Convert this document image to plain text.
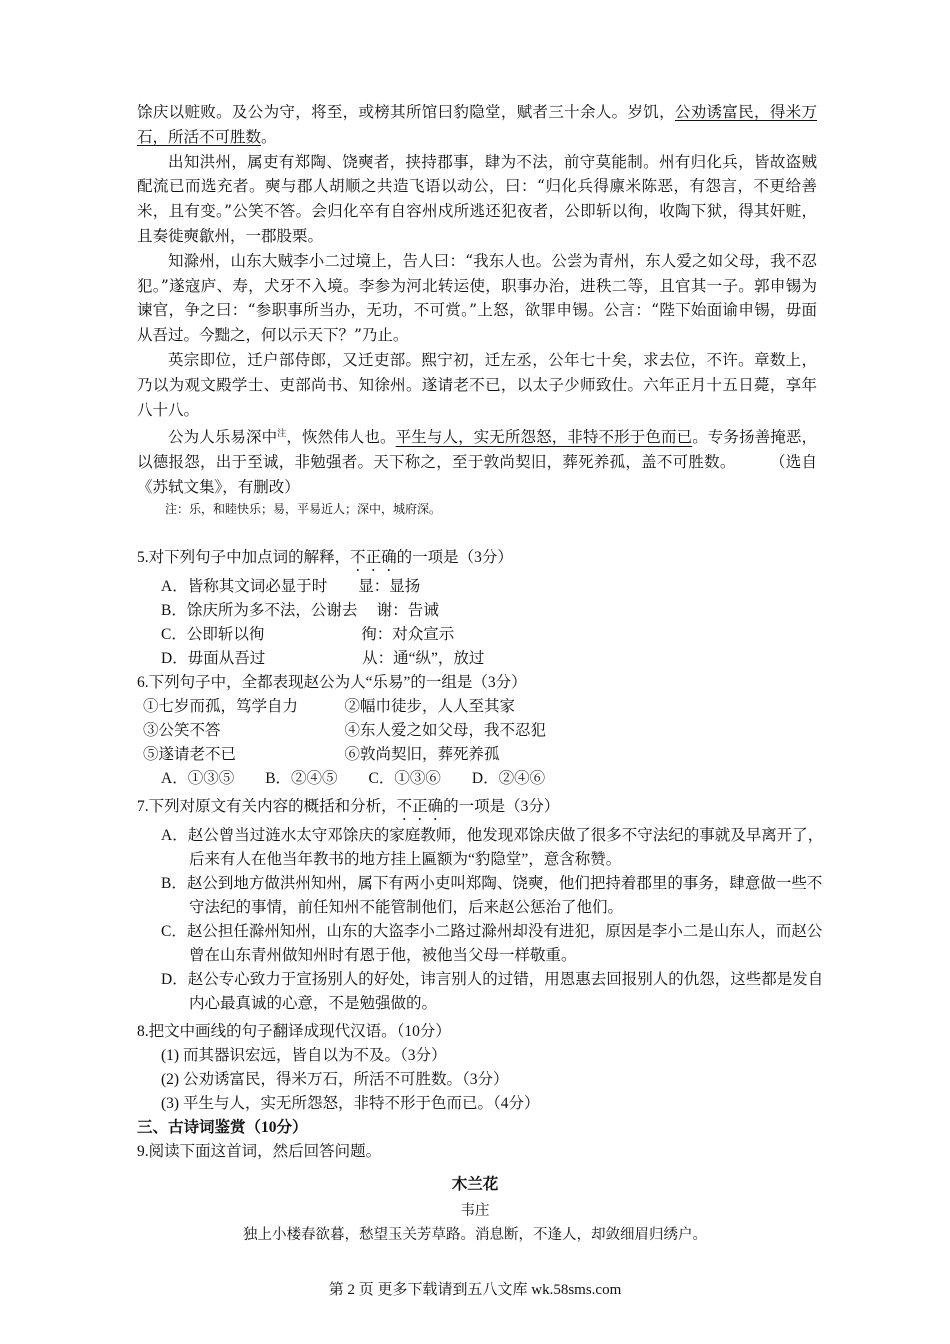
馀庆以赃败。及公为守，将至，或榜其所馆曰豹隐堂，赋者三十余人。岁饥，公劝诱富民，得米万石，所活不可胜数。

出知洪州，属吏有郑陶、饶奭者，挟持郡事，肆为不法，前守莫能制。州有归化兵，皆故盗贼配流已而选充者。奭与郡人胡顺之共造飞语以动公，曰：“归化兵得廪米陈恶，有怨言，不更给善米，且有变。”公笑不答。会归化卒有自容州戍所逃还犯夜者，公即斩以徇，收陶下狱，得其奸赃，且奏徙奭歙州，一郡股栗。

知滁州，山东大贼李小二过境上，告人曰：“我东人也。公尝为青州，东人爱之如父母，我不忍犯。”遂寇庐、寿，犬牙不入境。李参为河北转运使，职事办治，进秩二等，且官其一子。郭申锡为谏官，争之曰：“参职事所当办，无功，不可赏。”上怒，欲罪申锡。公言：“陛下始面谕申锡，毋面从吾过。今黜之，何以示天下？”乃止。

英宗即位，迁户部侍郎，又迁吏部。熙宁初，迁左丞，公年七十矣，求去位，不许。章数上，乃以为观文殿学士、吏部尚书、知徐州。遂请老不已，以太子少师致仕。六年正月十五日薨，享年八十八。

公为人乐易深中$^注$，恢然伟人也。平生与人，实无所怨怒，非特不形于色而已。专务扬善掩恶，以德报怨，出于至诚，非勉强者。天下称之，至于敦尚契旧，葬死养孤，盖不可胜数。 （选自《苏轼文集》，有删改）

注：乐，和睦快乐；易，平易近人；深中，城府深。

5.对下列句子中加点词的解释，不正确的一项是（3分）

A．皆称其文词必显于时　　显：显扬

B．馀庆所为多不法，公谢去　 谢：告诫

C．公即斩以徇　　　　　　 徇：对众宣示

D．毋面从吾过　　　　　　 从：通“纵”，放过

6.下列句子中，全都表现赵公为人“乐易”的一组是（3分）

①七岁而孤，笃学自力　　　②幅巾徒步，人人至其家

③公笑不答　　　　　　　　④东人爱之如父母，我不忍犯

⑤遂请老不已　　　　　　　⑥敦尚契旧，葬死养孤

A．①③⑤　　B．②④⑤　　C．①③⑥　　D．②④⑥

7.下列对原文有关内容的概括和分析，不正确的一项是（3分）

A．赵公曾当过涟水太守邓馀庆的家庭教师，他发现邓馀庆做了很多不守法纪的事就及早离开了，后来有人在他当年教书的地方挂上匾额为“豹隐堂”，意含称赞。

B．赵公到地方做洪州知州，属下有两小吏叫郑陶、饶奭，他们把持着郡里的事务，肆意做一些不守法纪的事情，前任知州不能管制他们，后来赵公惩治了他们。

C．赵公担任滁州知州，山东的大盗李小二路过滁州却没有进犯，原因是李小二是山东人，而赵公曾在山东青州做知州时有恩于他，被他当父母一样敬重。

D．赵公专心致力于宣扬别人的好处，讳言别人的过错，用恩惠去回报别人的仇怨，这些都是发自内心最真诚的心意，不是勉强做的。

8.把文中画线的句子翻译成现代汉语。（10分）

(1) 而其器识宏远，皆自以为不及。（3分）

(2) 公劝诱富民，得米万石，所活不可胜数。（3分）

(3) 平生与人，实无所怨怒，非特不形于色而已。（4分）

三、古诗词鉴赏（10分）

9.阅读下面这首词，然后回答问题。

木兰花
韦庄
独上小楼春欲暮，愁望玉关芳草路。消息断，不逢人，却敛细眉归绣户。
第 2 页 更多下载请到五八文库 wk.58sms.com
